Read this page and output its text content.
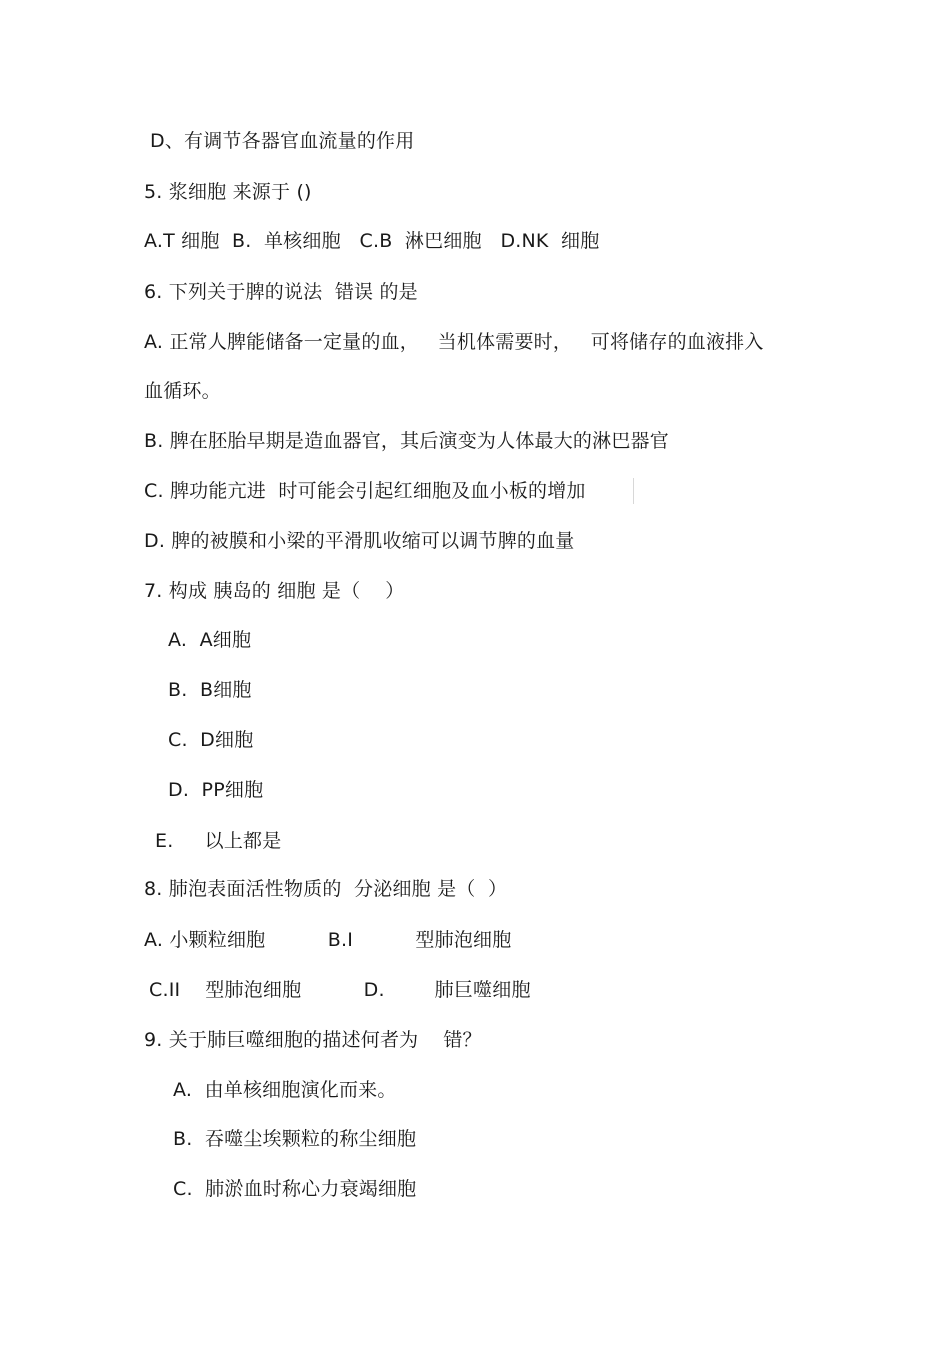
D、有调节各器官血流量的作用
5. 浆细胞 来源于 ()
A.T 细胞  B.  单核细胞   C.B  淋巴细胞   D.NK  细胞
6. 下列关于脾的说法  错误 的是
A. 正常人脾能储备一定量的血，   当机体需要时，   可将储存的血液排入
血循环。
B. 脾在胚胎早期是造血器官，其后演变为人体最大的淋巴器官
C. 脾功能亢进  时可能会引起红细胞及血小板的增加
D. 脾的被膜和小梁的平滑肌收缩可以调节脾的血量
7. 构成 胰岛的 细胞 是（    ）
A.  A细胞
B.  B细胞
C.  D细胞
D.  PP细胞
E.     以上都是
8. 肺泡表面活性物质的  分泌细胞 是（  ）
A. 小颗粒细胞          B.I          型肺泡细胞
C.II    型肺泡细胞          D.        肺巨噬细胞
9. 关于肺巨噬细胞的描述何者为    错？
A.  由单核细胞演化而来。
B.  吞噬尘埃颗粒的称尘细胞
C.  肺淤血时称心力衰竭细胞
